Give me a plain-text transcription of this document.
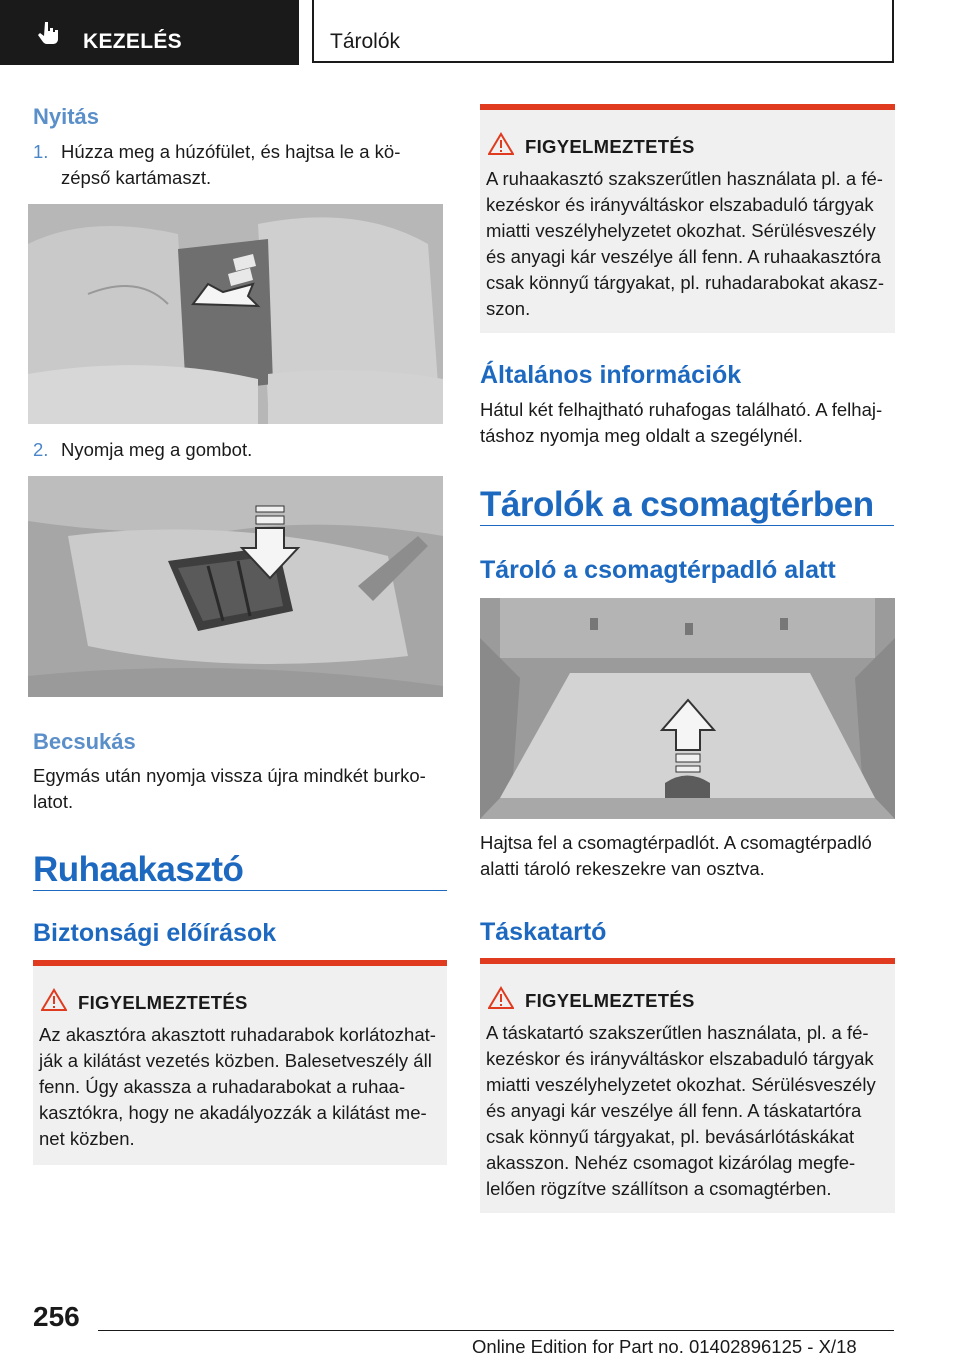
KEZELÉS	Tárolók
Nyitás
1. Húzza meg a húzófület, és hajtsa le a középső kartámaszt.
2. Nyomja meg a gombot.
Becsukás
Egymás után nyomja vissza újra mindkét burkolatot.
Ruhaakasztó
Biztonsági előírások
FIGYELMEZTETÉS
Az akasztóra akasztott ruhadarabok korlátozhatják a kilátást vezetés közben. Balesetveszély áll fenn. Úgy akassza a ruhadarabokat a ruhaakasztókra, hogy ne akadályozzák a kilátást menet közben.
FIGYELMEZTETÉS
A ruhaakasztó szakszerűtlen használata pl. a fékezéskor és irányváltáskor elszabaduló tárgyak miatti veszélyhelyzetet okozhat. Sérülésveszély és anyagi kár veszélye áll fenn. A ruhaakasztóra csak könnyű tárgyakat, pl. ruhadarabokat akaszszon.
Általános információk
Hátul két felhajtható ruhafogas található. A felhajtáshoz nyomja meg oldalt a szegélynél.
Tárolók a csomagtérben
Tároló a csomagtérpadló alatt
Hajtsa fel a csomagtérpadlót. A csomagtérpadló alatti tároló rekeszekre van osztva.
Táskatartó
FIGYELMEZTETÉS
A táskatartó szakszerűtlen használata, pl. a fékezéskor és irányváltáskor elszabaduló tárgyak miatti veszélyhelyzetet okozhat. Sérülésveszély és anyagi kár veszélye áll fenn. A táskatartóra csak könnyű tárgyakat, pl. bevásárlótáskákat akasszon. Nehéz csomagot kizárólag megfelelően rögzítve szállítson a csomagtérben.
256
Online Edition for Part no. 01402896125 - X/18
